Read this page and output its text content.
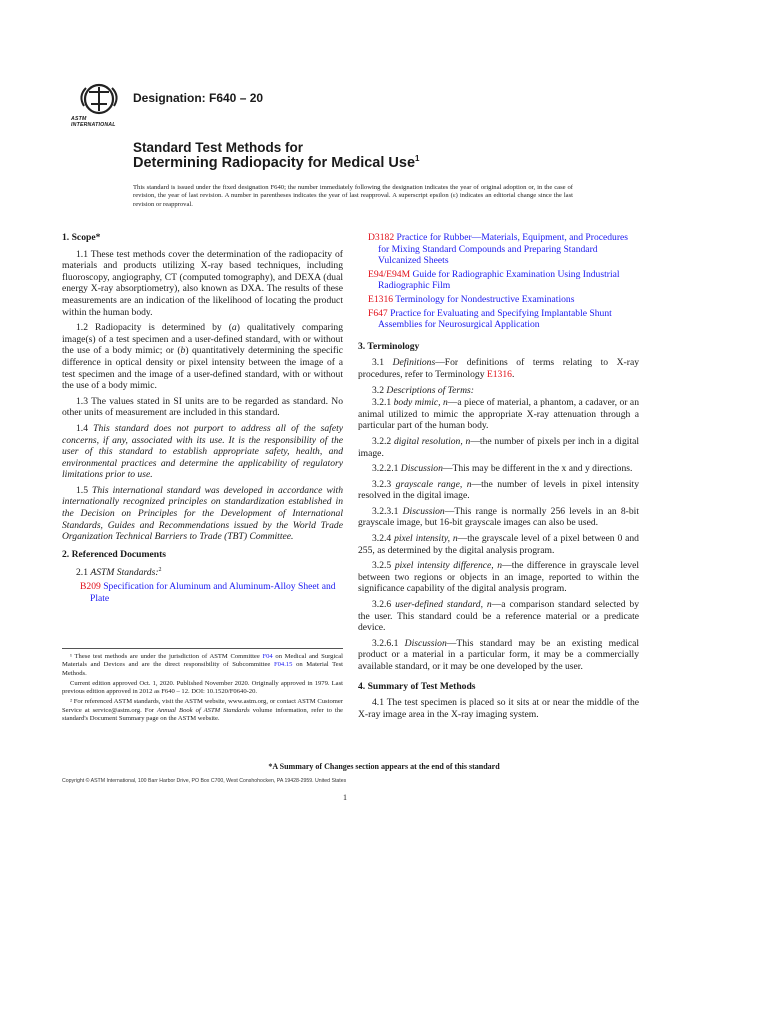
ASTM INTERNATIONAL
Designation: F640 – 20
Standard Test Methods for
Determining Radiopacity for Medical Use$^1$
This standard is issued under the fixed designation F640; the number immediately following the designation indicates the year of original adoption or, in the case of revision, the year of last revision. A number in parentheses indicates the year of last reapproval. A superscript epsilon (ε) indicates an editorial change since the last revision or reapproval.
1. Scope*

1.1 These test methods cover the determination of the radiopacity of materials and products utilizing X-ray based techniques, including fluoroscopy, angiography, CT (computed tomography), and DEXA (dual energy X-ray absorptiometry), also known as DXA. The results of these measurements are an indication of the likelihood of locating the product within the human body.

1.2 Radiopacity is determined by (a) qualitatively comparing image(s) of a test specimen and a user-defined standard, with or without the use of a body mimic; or (b) quantitatively determining the specific difference in optical density or pixel intensity between the image of a test specimen and the image of a user-defined standard, with or without the use of a body mimic.

1.3 The values stated in SI units are to be regarded as standard. No other units of measurement are included in this standard.

1.4 This standard does not purport to address all of the safety concerns, if any, associated with its use. It is the responsibility of the user of this standard to establish appropriate safety, health, and environmental practices and determine the applicability of regulatory limitations prior to use.

1.5 This international standard was developed in accordance with internationally recognized principles on standardization established in the Decision on Principles for the Development of International Standards, Guides and Recommendations issued by the World Trade Organization Technical Barriers to Trade (TBT) Committee.

2. Referenced Documents

2.1 ASTM Standards:$^2$

B209 Specification for Aluminum and Aluminum-Alloy Sheet and Plate

¹ These test methods are under the jurisdiction of ASTM Committee F04 on Medical and Surgical Materials and Devices and are the direct responsibility of Subcommittee F04.15 on Material Test Methods.

Current edition approved Oct. 1, 2020. Published November 2020. Originally approved in 1979. Last previous edition approved in 2012 as F640 – 12. DOI: 10.1520/F0640-20.

² For referenced ASTM standards, visit the ASTM website, www.astm.org, or contact ASTM Customer Service at service@astm.org. For Annual Book of ASTM Standards volume information, refer to the standard's Document Summary page on the ASTM website.

D3182 Practice for Rubber—Materials, Equipment, and Procedures for Mixing Standard Compounds and Preparing Standard Vulcanized Sheets

E94/E94M Guide for Radiographic Examination Using Industrial Radiographic Film

E1316 Terminology for Nondestructive Examinations

F647 Practice for Evaluating and Specifying Implantable Shunt Assemblies for Neurosurgical Application

3. Terminology

3.1 Definitions—For definitions of terms relating to X-ray procedures, refer to Terminology E1316.

3.2 Descriptions of Terms:

3.2.1 body mimic, n—a piece of material, a phantom, a cadaver, or an animal utilized to mimic the appropriate X-ray attenuation through a particular part of the human body.

3.2.2 digital resolution, n—the number of pixels per inch in a digital image.

3.2.2.1 Discussion—This may be different in the x and y directions.

3.2.3 grayscale range, n—the number of levels in pixel intensity resolved in the digital image.

3.2.3.1 Discussion—This range is normally 256 levels in an 8-bit grayscale image, but 16-bit grayscale images can also be used.

3.2.4 pixel intensity, n—the grayscale level of a pixel between 0 and 255, as determined by the digital analysis program.

3.2.5 pixel intensity difference, n—the difference in grayscale level between two regions or objects in an image, reported to within the significance capability of the digital analysis program.

3.2.6 user-defined standard, n—a comparison standard selected by the user. This standard could be a reference material or a predicate device.

3.2.6.1 Discussion—This standard may be an existing medical product or a material in a particular form, it may be a commercially available standard, or it may be one developed by the user.

4. Summary of Test Methods

4.1 The test specimen is placed so it sits at or near the middle of the X-ray image area in the X-ray imaging system.

*A Summary of Changes section appears at the end of this standard
Copyright © ASTM International, 100 Barr Harbor Drive, PO Box C700, West Conshohocken, PA 19428-2959. United States
1
